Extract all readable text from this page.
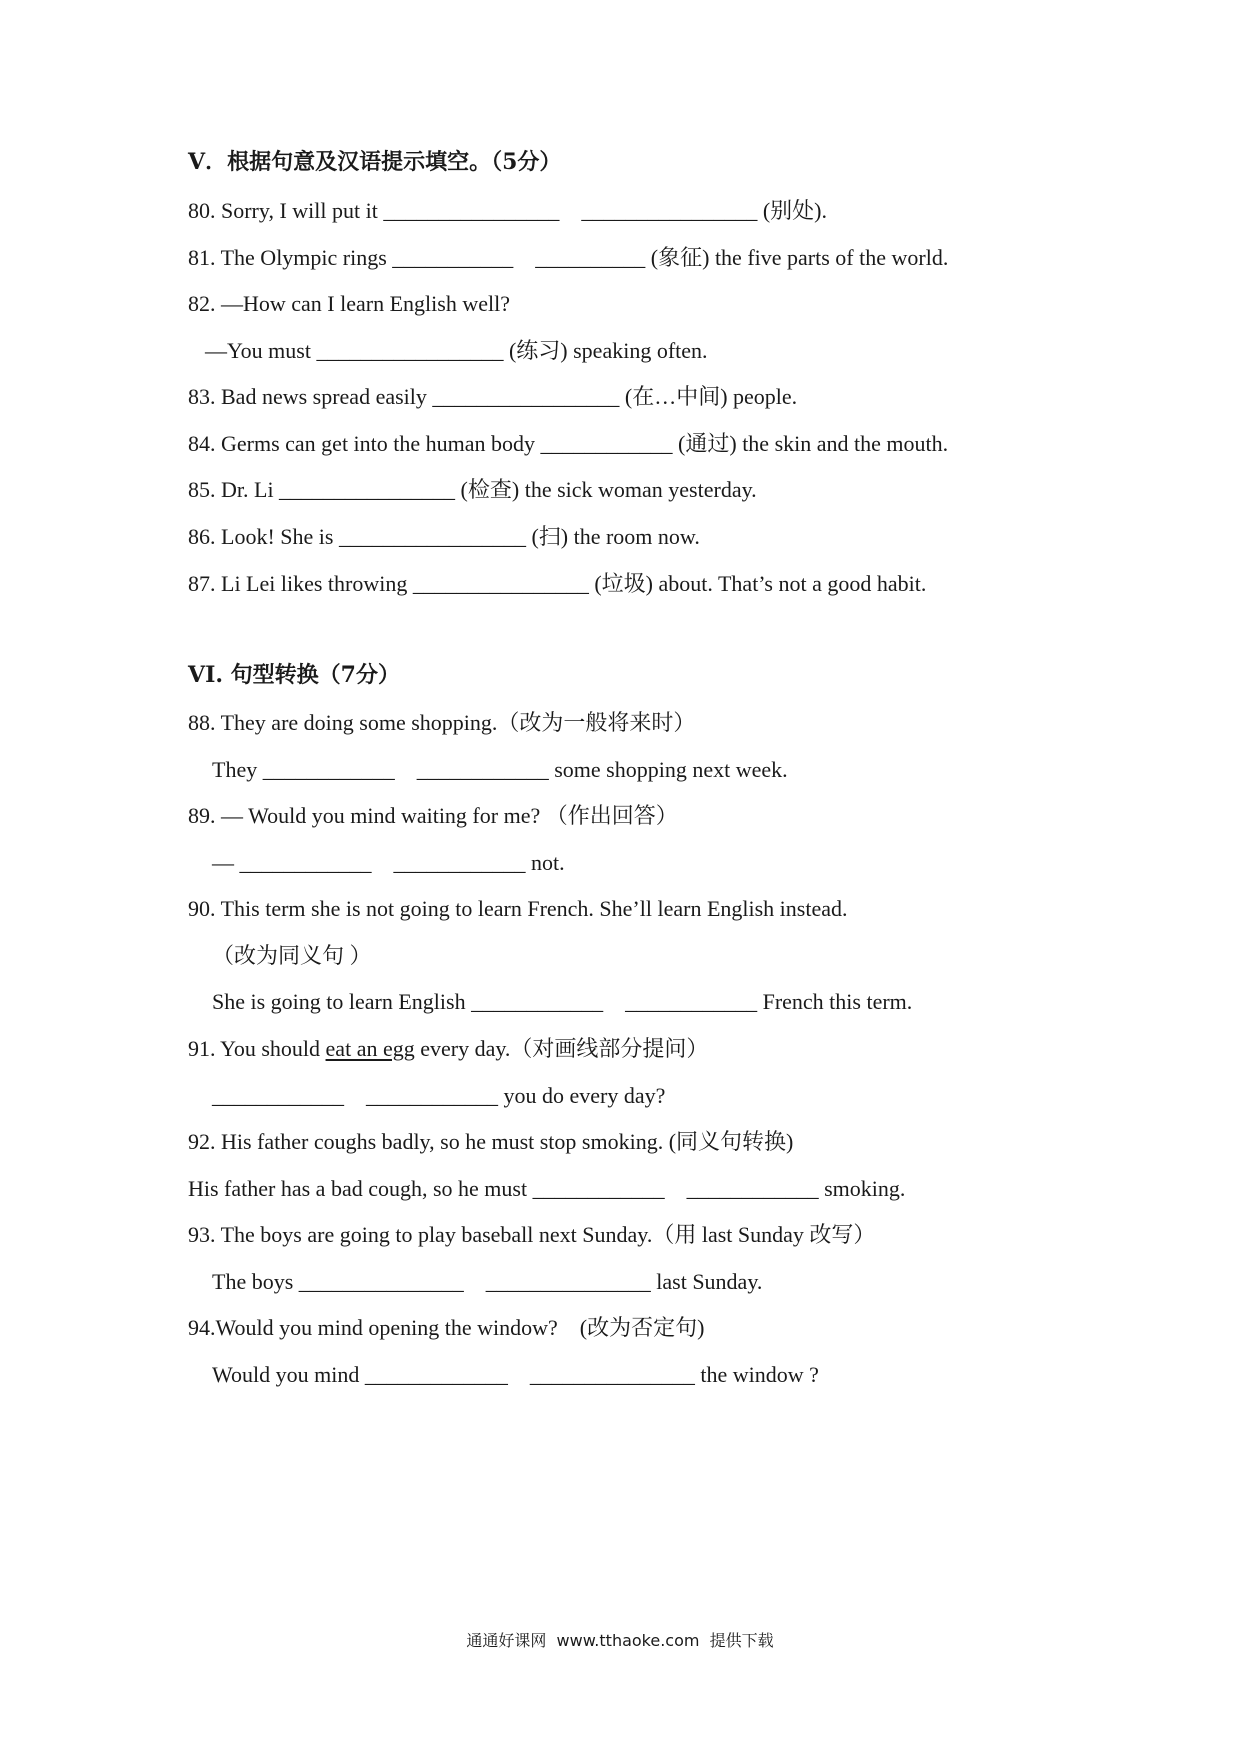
V．根据句意及汉语提示填空。（5分）
80. Sorry, I will put it ________________    ________________ (别处).
81. The Olympic rings ___________    __________ (象征) the five parts of the world.
82. —How can I learn English well?
—You must _________________ (练习) speaking often.
83. Bad news spread easily _________________ (在…中间) people.
84. Germs can get into the human body ____________ (通过) the skin and the mouth.
85. Dr. Li ________________ (检查) the sick woman yesterday.
86. Look! She is _________________ (扫) the room now.
87. Li Lei likes throwing ________________ (垃圾) about. That’s not a good habit.
VI. 句型转换（7分）
88. They are doing some shopping.（改为一般将来时）
They ____________    ____________ some shopping next week.
89. — Would you mind waiting for me? （作出回答）
— ____________    ____________ not.
90. This term she is not going to learn French. She’ll learn English instead.
（改为同义句 ）
She is going to learn English ____________    ____________ French this term.
91. You should eat an egg every day.（对画线部分提问）
____________    ____________ you do every day?
92. His father coughs badly, so he must stop smoking. (同义句转换)
His father has a bad cough, so he must ____________    ____________ smoking.
93. The boys are going to play baseball next Sunday.（用 last Sunday 改写）
The boys _______________    _______________ last Sunday.
94.Would you mind opening the window?    (改为否定句)
Would you mind _____________    _______________ the window ?
通通好课网  www.tthaoke.com  提供下载
